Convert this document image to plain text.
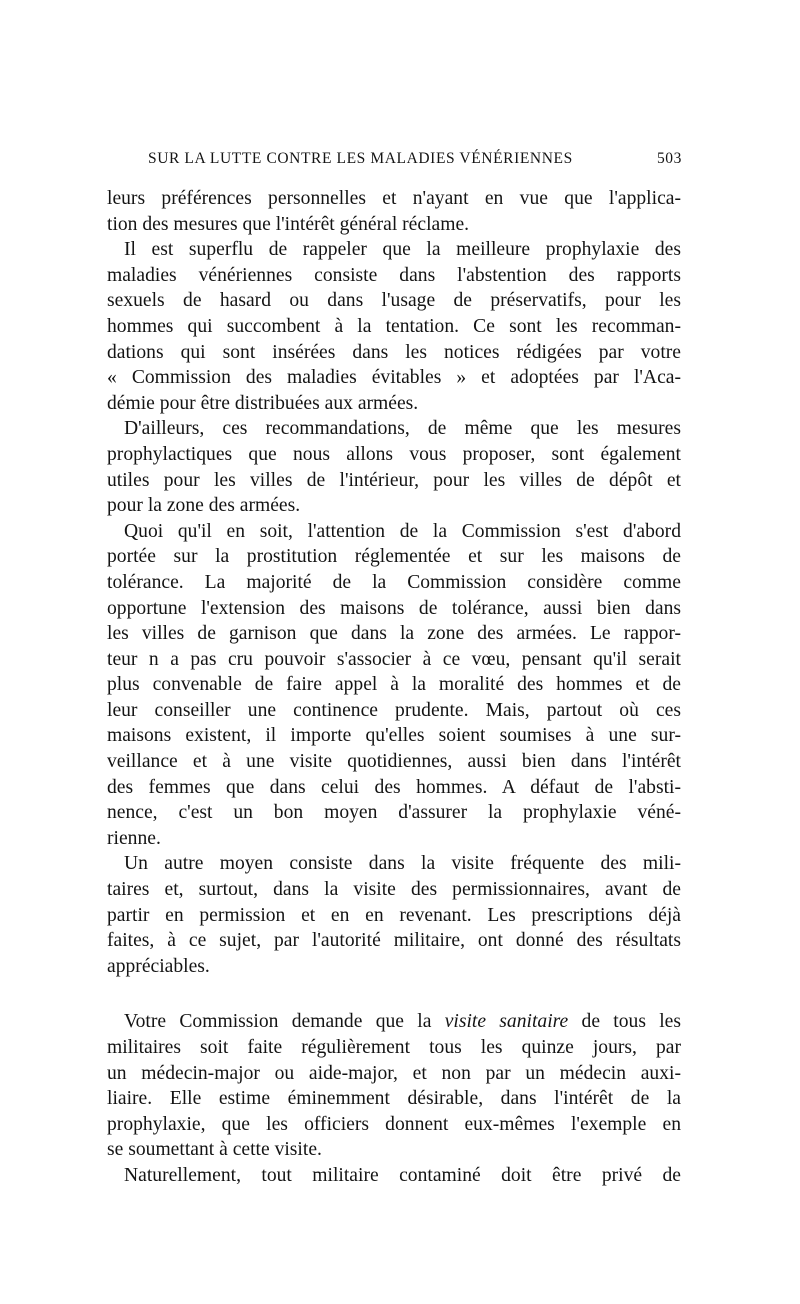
SUR LA LUTTE CONTRE LES MALADIES VÉNÉRIENNES	503
leurs préférences personnelles et n'ayant en vue que l'applica-
tion des mesures que l'intérêt général réclame.
Il est superflu de rappeler que la meilleure prophylaxie des
maladies vénériennes consiste dans l'abstention des rapports
sexuels de hasard ou dans l'usage de préservatifs, pour les
hommes qui succombent à la tentation. Ce sont les recomman-
dations qui sont insérées dans les notices rédigées par votre
« Commission des maladies évitables » et adoptées par l'Aca-
démie pour être distribuées aux armées.
D'ailleurs, ces recommandations, de même que les mesures
prophylactiques que nous allons vous proposer, sont également
utiles pour les villes de l'intérieur, pour les villes de dépôt et
pour la zone des armées.
Quoi qu'il en soit, l'attention de la Commission s'est d'abord
portée sur la prostitution réglementée et sur les maisons de
tolérance. La majorité de la Commission considère comme
opportune l'extension des maisons de tolérance, aussi bien dans
les villes de garnison que dans la zone des armées. Le rappor-
teur n a pas cru pouvoir s'associer à ce vœu, pensant qu'il serait
plus convenable de faire appel à la moralité des hommes et de
leur conseiller une continence prudente. Mais, partout où ces
maisons existent, il importe qu'elles soient soumises à une sur-
veillance et à une visite quotidiennes, aussi bien dans l'intérêt
des femmes que dans celui des hommes. A défaut de l'absti-
nence, c'est un bon moyen d'assurer la prophylaxie véné-
rienne.
Un autre moyen consiste dans la visite fréquente des mili-
taires et, surtout, dans la visite des permissionnaires, avant de
partir en permission et en en revenant. Les prescriptions déjà
faites, à ce sujet, par l'autorité militaire, ont donné des résultats
appréciables.
Votre Commission demande que la visite sanitaire de tous les
militaires soit faite régulièrement tous les quinze jours, par
un médecin-major ou aide-major, et non par un médecin auxi-
liaire. Elle estime éminemment désirable, dans l'intérêt de la
prophylaxie, que les officiers donnent eux-mêmes l'exemple en
se soumettant à cette visite.
Naturellement, tout militaire contaminé doit être privé de
